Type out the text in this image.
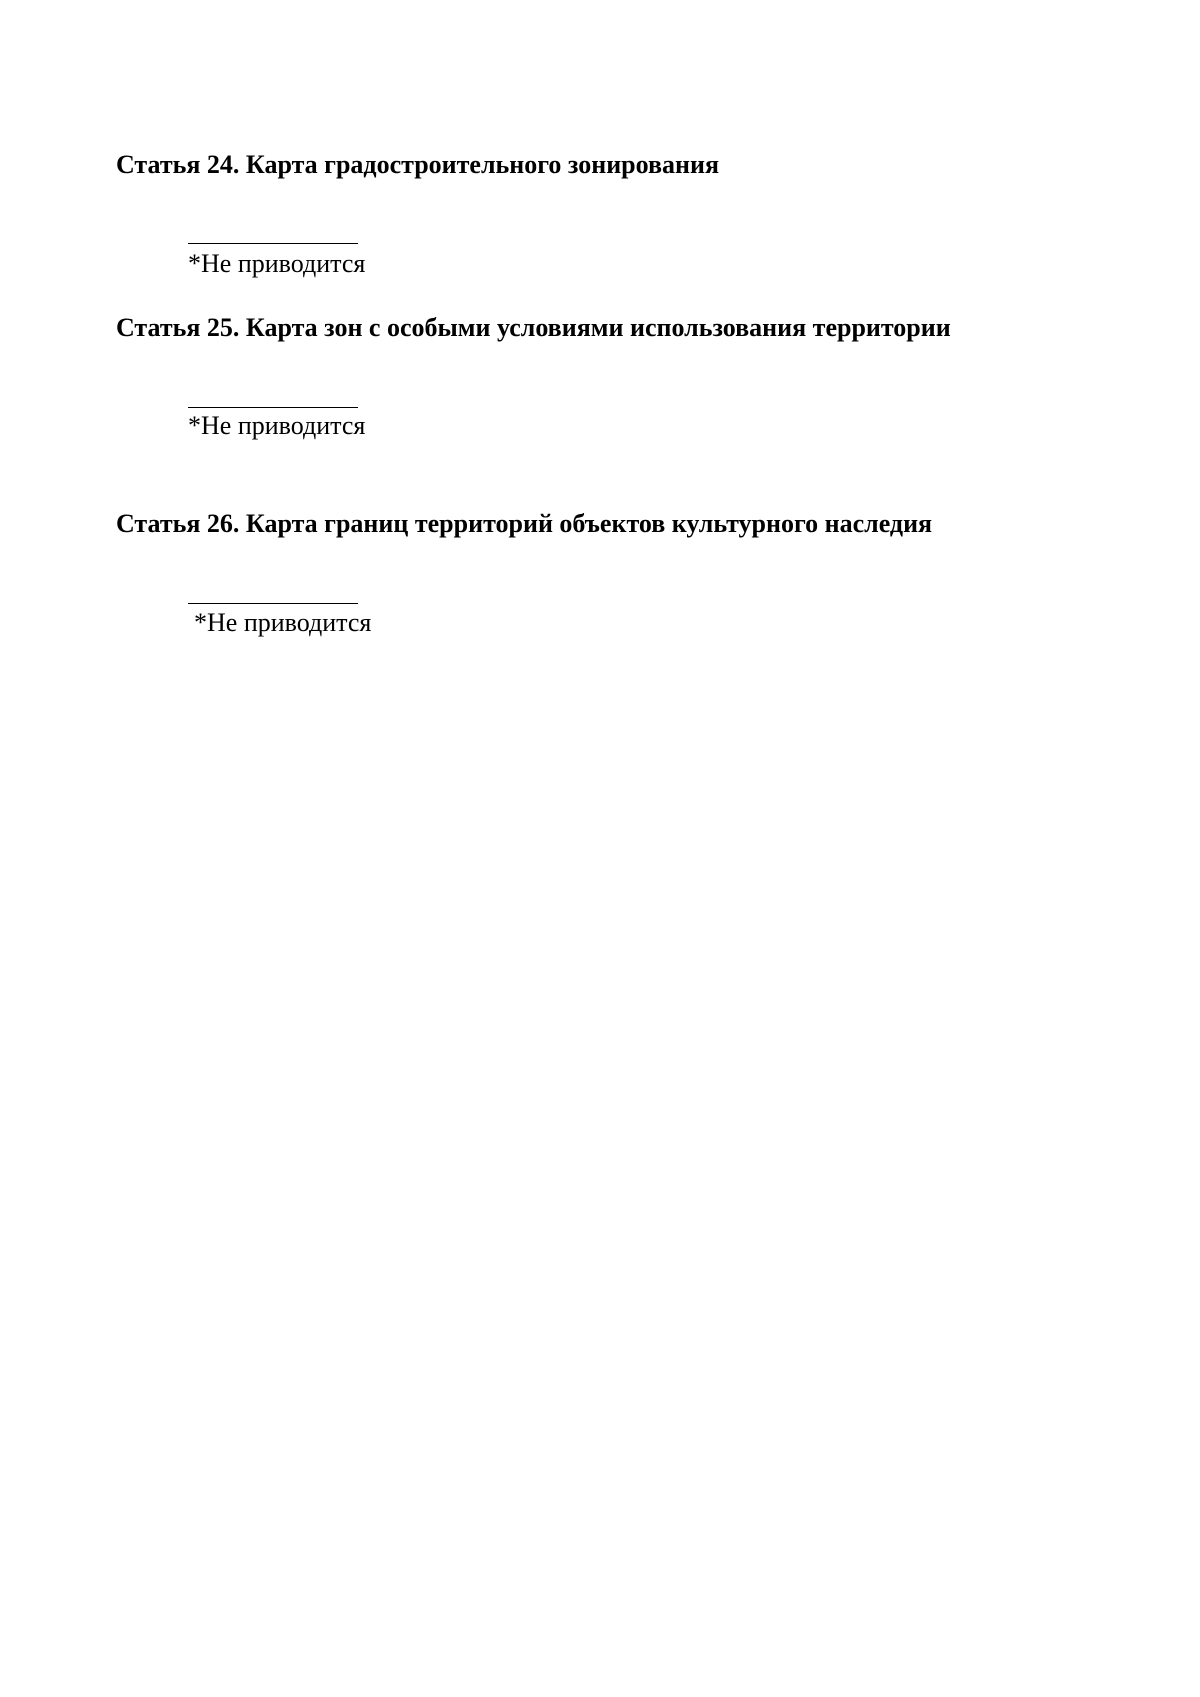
Статья 24. Карта градостроительного зонирования

*Не приводится

Статья 25. Карта зон с особыми условиями использования территории

*Не приводится

Статья 26. Карта границ территорий объектов культурного наследия

*Не приводится
